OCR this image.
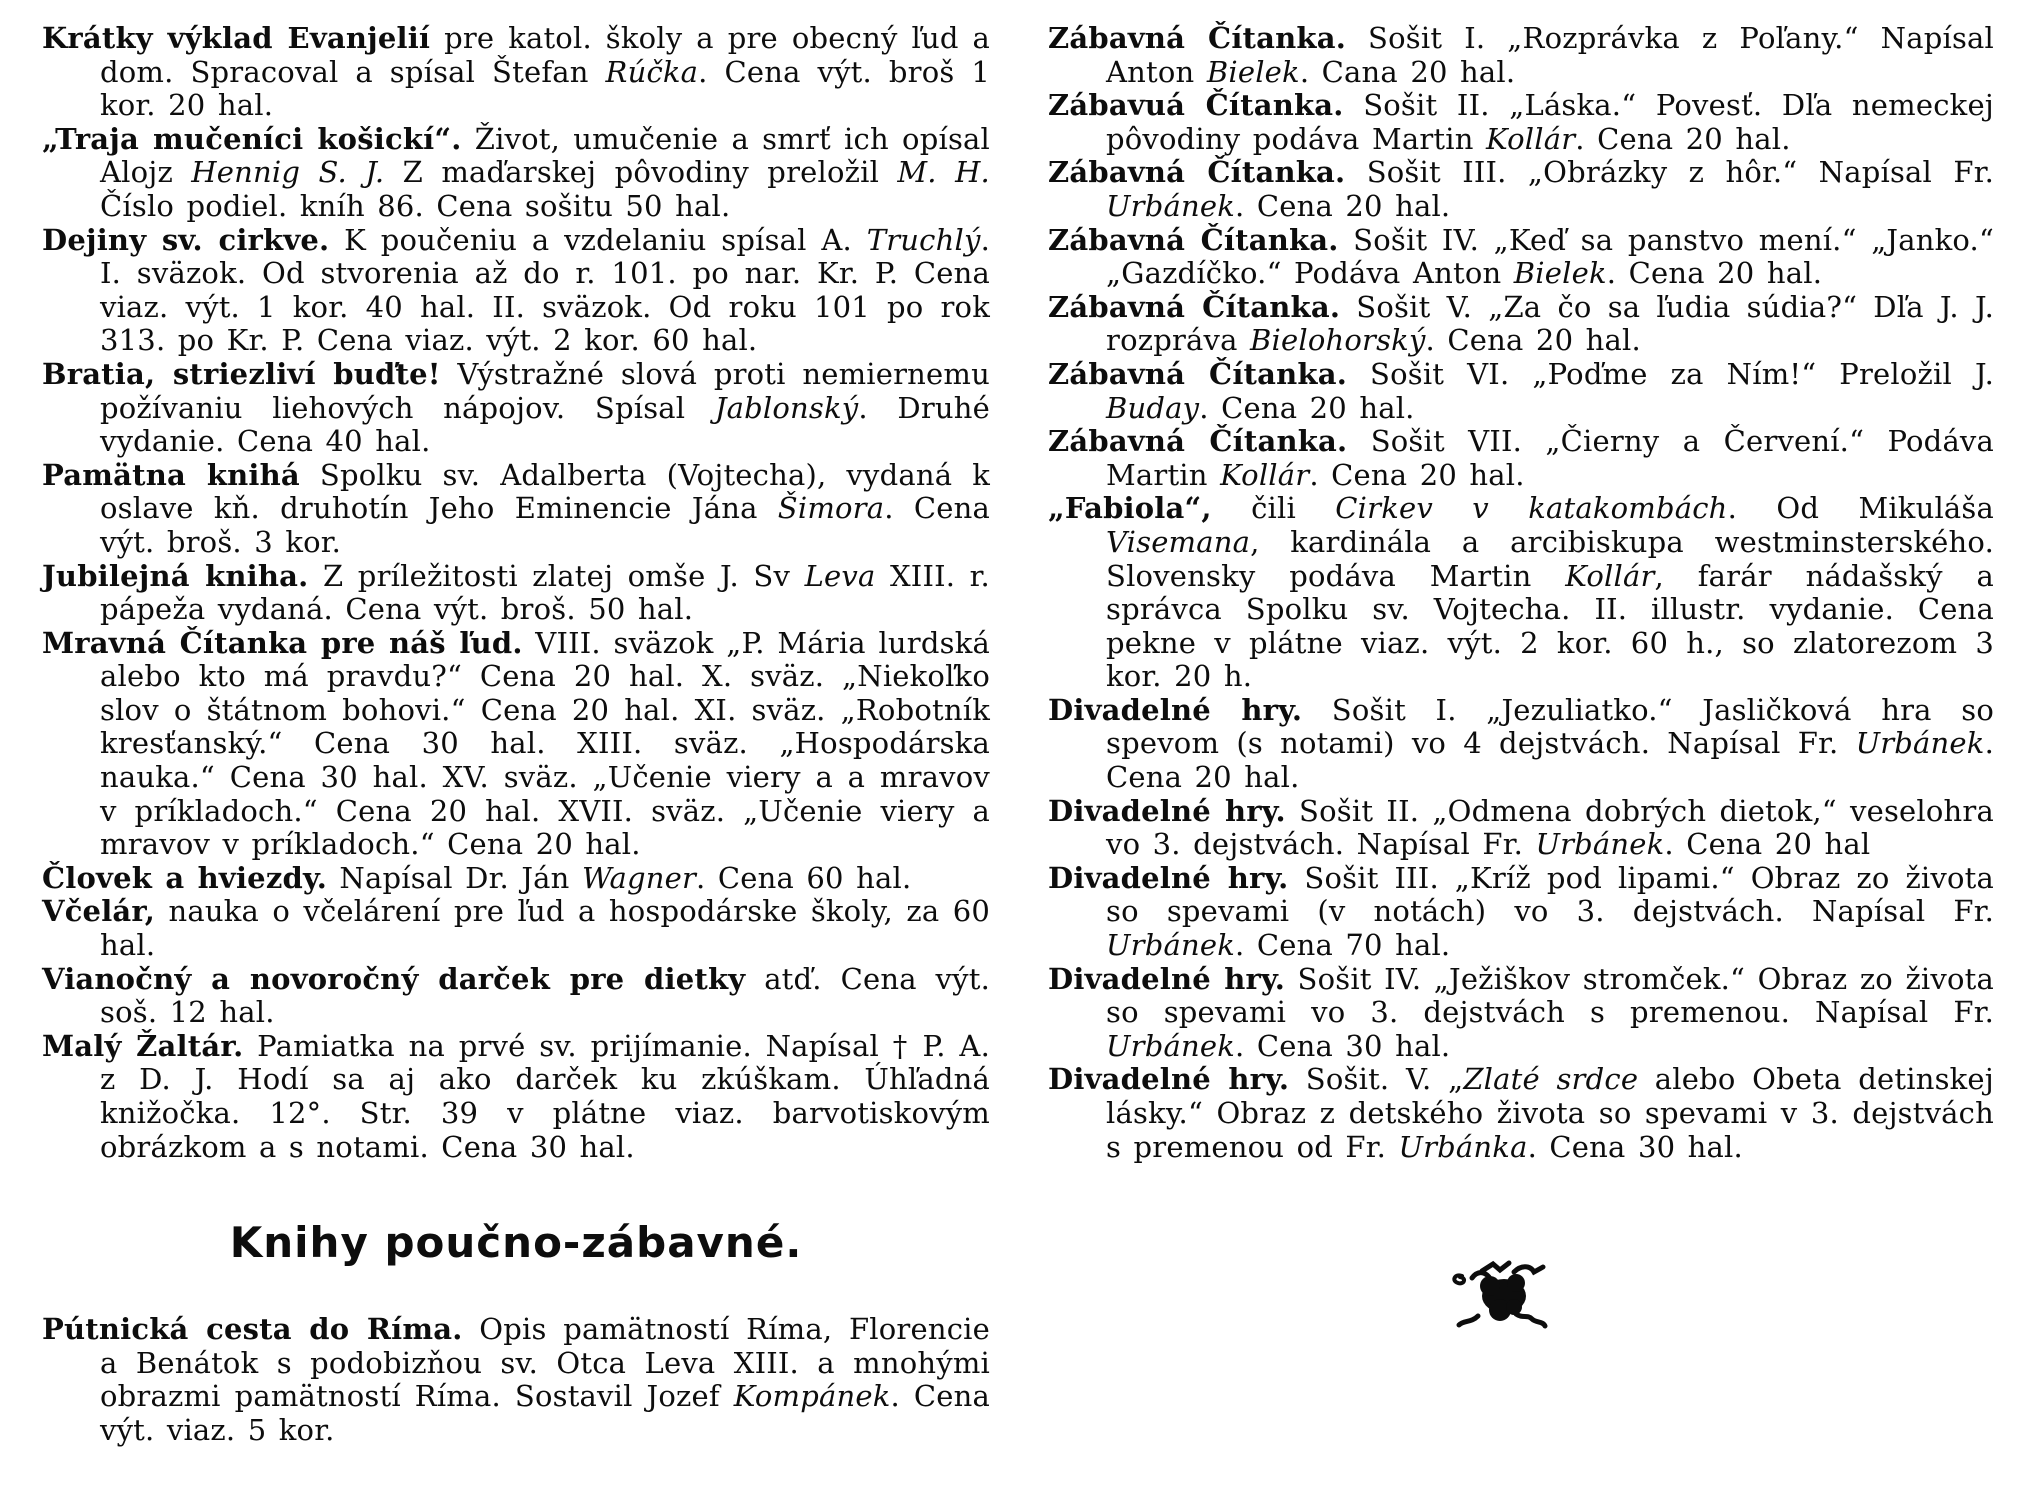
Krátky výklad Evanjelií pre katol. školy a pre obecný ľud a dom. Spracoval a spísal Štefan Rúčka. Cena výt. broš 1 kor. 20 hal.

„Traja mučeníci košickí“. Život, umučenie a smrť ich opísal Alojz Hennig S. J. Z maďarskej pôvodiny preložil M. H. Číslo podiel. kníh 86. Cena sošitu 50 hal.

Dejiny sv. cirkve. K poučeniu a vzdelaniu spísal A. Truchlý. I. sväzok. Od stvorenia až do r. 101. po nar. Kr. P. Cena viaz. výt. 1 kor. 40 hal. II. sväzok. Od roku 101 po rok 313. po Kr. P. Cena viaz. výt. 2 kor. 60 hal.

Bratia, striezliví buďte! Výstražné slová proti nemiernemu požívaniu liehových nápojov. Spísal Jablonský. Druhé vydanie. Cena 40 hal.

Pamätna knihá Spolku sv. Adalberta (Vojtecha), vydaná k oslave kň. druhotín Jeho Eminencie Jána Šimora. Cena výt. broš. 3 kor.

Jubilejná kniha. Z príležitosti zlatej omše J. Sv Leva XIII. r. pápeža vydaná. Cena výt. broš. 50 hal.

Mravná Čítanka pre náš ľud. VIII. sväzok „P. Mária lurdská alebo kto má pravdu?“ Cena 20 hal. X. sväz. „Niekoľko slov o štátnom bohovi.“ Cena 20 hal. XI. sväz. „Robotník kresťanský.“ Cena 30 hal. XIII. sväz. „Hospodárska nauka.“ Cena 30 hal. XV. sväz. „Učenie viery a a mravov v príkladoch.“ Cena 20 hal. XVII. sväz. „Učenie viery a mravov v príkladoch.“ Cena 20 hal.

Človek a hviezdy. Napísal Dr. Ján Wagner. Cena 60 hal.

Včelár, nauka o včelárení pre ľud a hospodárske školy, za 60 hal.

Vianočný a novoročný darček pre dietky atď. Cena výt. soš. 12 hal.

Malý Žaltár. Pamiatka na prvé sv. prijímanie. Napísal † P. A. z D. J. Hodí sa aj ako darček ku zkúškam. Úhľadná knižočka. 12°. Str. 39 v plátne viaz. barvotiskovým obrázkom a s notami. Cena 30 hal.

Knihy poučno-zábavné.

Pútnická cesta do Ríma. Opis pamätností Ríma, Florencie a Benátok s podobizňou sv. Otca Leva XIII. a mnohými obrazmi pamätností Ríma. Sostavil Jozef Kompánek. Cena výt. viaz. 5 kor.

Zábavná Čítanka. Sošit I. „Rozprávka z Poľany.“ Napísal Anton Bielek. Cana 20 hal.

Zábavuá Čítanka. Sošit II. „Láska.“ Povesť. Dľa nemeckej pôvodiny podáva Martin Kollár. Cena 20 hal.

Zábavná Čítanka. Sošit III. „Obrázky z hôr.“ Napísal Fr. Urbánek. Cena 20 hal.

Zábavná Čítanka. Sošit IV. „Keď sa panstvo mení.“ „Janko.“ „Gazdíčko.“ Podáva Anton Bielek. Cena 20 hal.

Zábavná Čítanka. Sošit V. „Za čo sa ľudia súdia?“ Dľa J. J. rozpráva Bielohorský. Cena 20 hal.

Zábavná Čítanka. Sošit VI. „Poďme za Ním!“ Preložil J. Buday. Cena 20 hal.

Zábavná Čítanka. Sošit VII. „Čierny a Červení.“ Podáva Martin Kollár. Cena 20 hal.

„Fabiola“, čili Cirkev v katakombách. Od Mikuláša Visemana, kardinála a arcibiskupa westminsterského. Slovensky podáva Martin Kollár, farár nádašský a správca Spolku sv. Vojtecha. II. illustr. vydanie. Cena pekne v plátne viaz. výt. 2 kor. 60 h., so zlatorezom 3 kor. 20 h.

Divadelné hry. Sošit I. „Jezuliatko.“ Jasličková hra so spevom (s notami) vo 4 dejstvách. Napísal Fr. Urbánek. Cena 20 hal.

Divadelné hry. Sošit II. „Odmena dobrých dietok,“ veselohra vo 3. dejstvách. Napísal Fr. Urbánek. Cena 20 hal

Divadelné hry. Sošit III. „Kríž pod lipami.“ Obraz zo života so spevami (v notách) vo 3. dejstvách. Napísal Fr. Urbánek. Cena 70 hal.

Divadelné hry. Sošit IV. „Ježiškov stromček.“ Obraz zo života so spevami vo 3. dejstvách s premenou. Napísal Fr. Urbánek. Cena 30 hal.

Divadelné hry. Sošit. V. „Zlaté srdce alebo Obeta detinskej lásky.“ Obraz z detského života so spevami v 3. dejstvách s premenou od Fr. Urbánka. Cena 30 hal.
